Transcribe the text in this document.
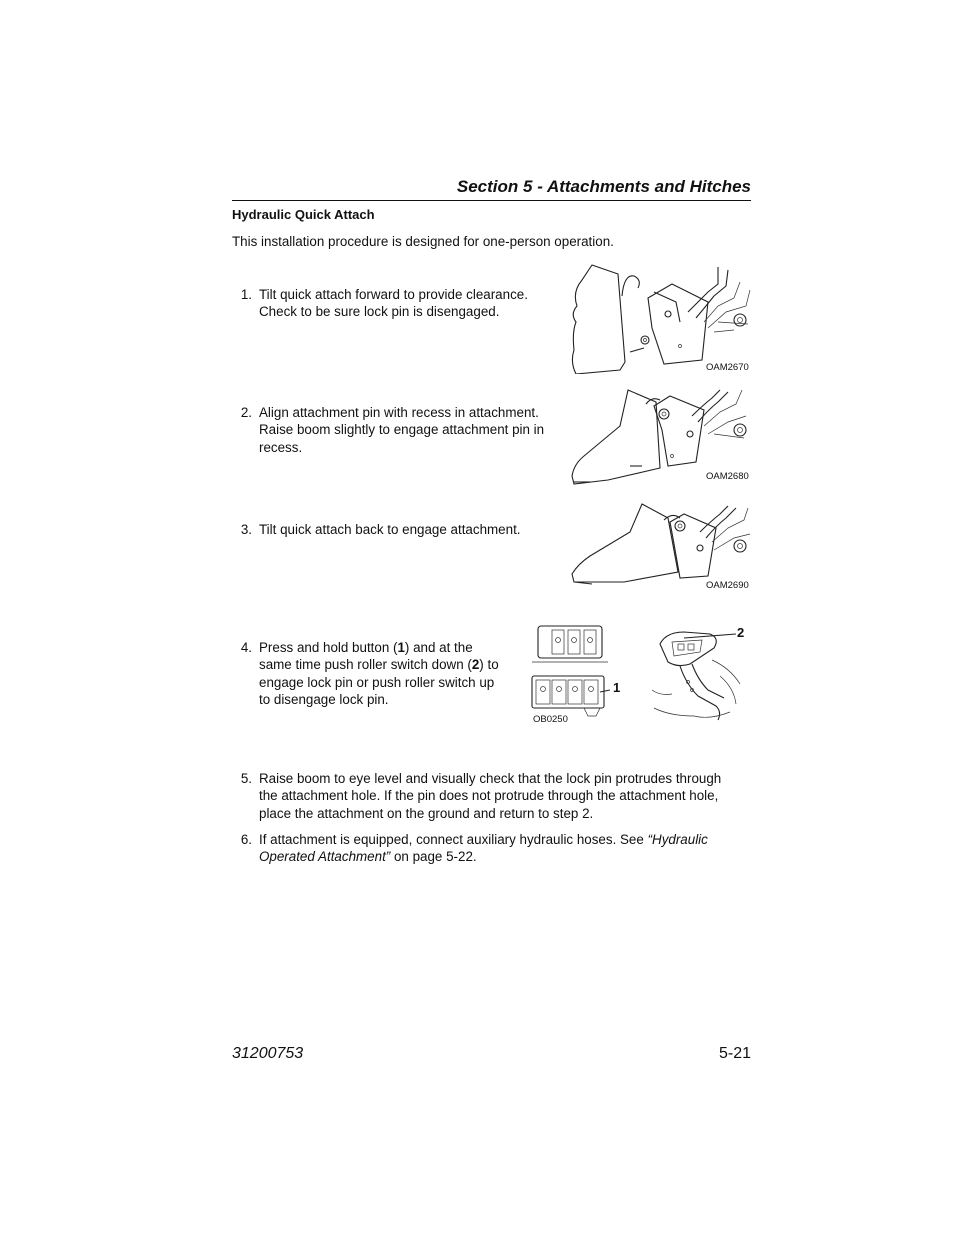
Section 5 - Attachments and Hitches
Hydraulic Quick Attach
This installation procedure is designed for one-person operation.
1. Tilt quick attach forward to provide clearance.
Check to be sure lock pin is disengaged.
OAM2670
2. Align attachment pin with recess in attachment.
Raise boom slightly to engage attachment pin in
recess.
OAM2680
3. Tilt quick attach back to engage attachment.
OAM2690
4. Press and hold button (1) and at the
same time push roller switch down (2) to
engage lock pin or push roller switch up
to disengage lock pin.
1
OB0250
2
5. Raise boom to eye level and visually check that the lock pin protrudes through
the attachment hole. If the pin does not protrude through the attachment hole,
place the attachment on the ground and return to step 2.
6. If attachment is equipped, connect auxiliary hydraulic hoses. See “Hydraulic
Operated Attachment” on page 5-22.
31200753	5-21
